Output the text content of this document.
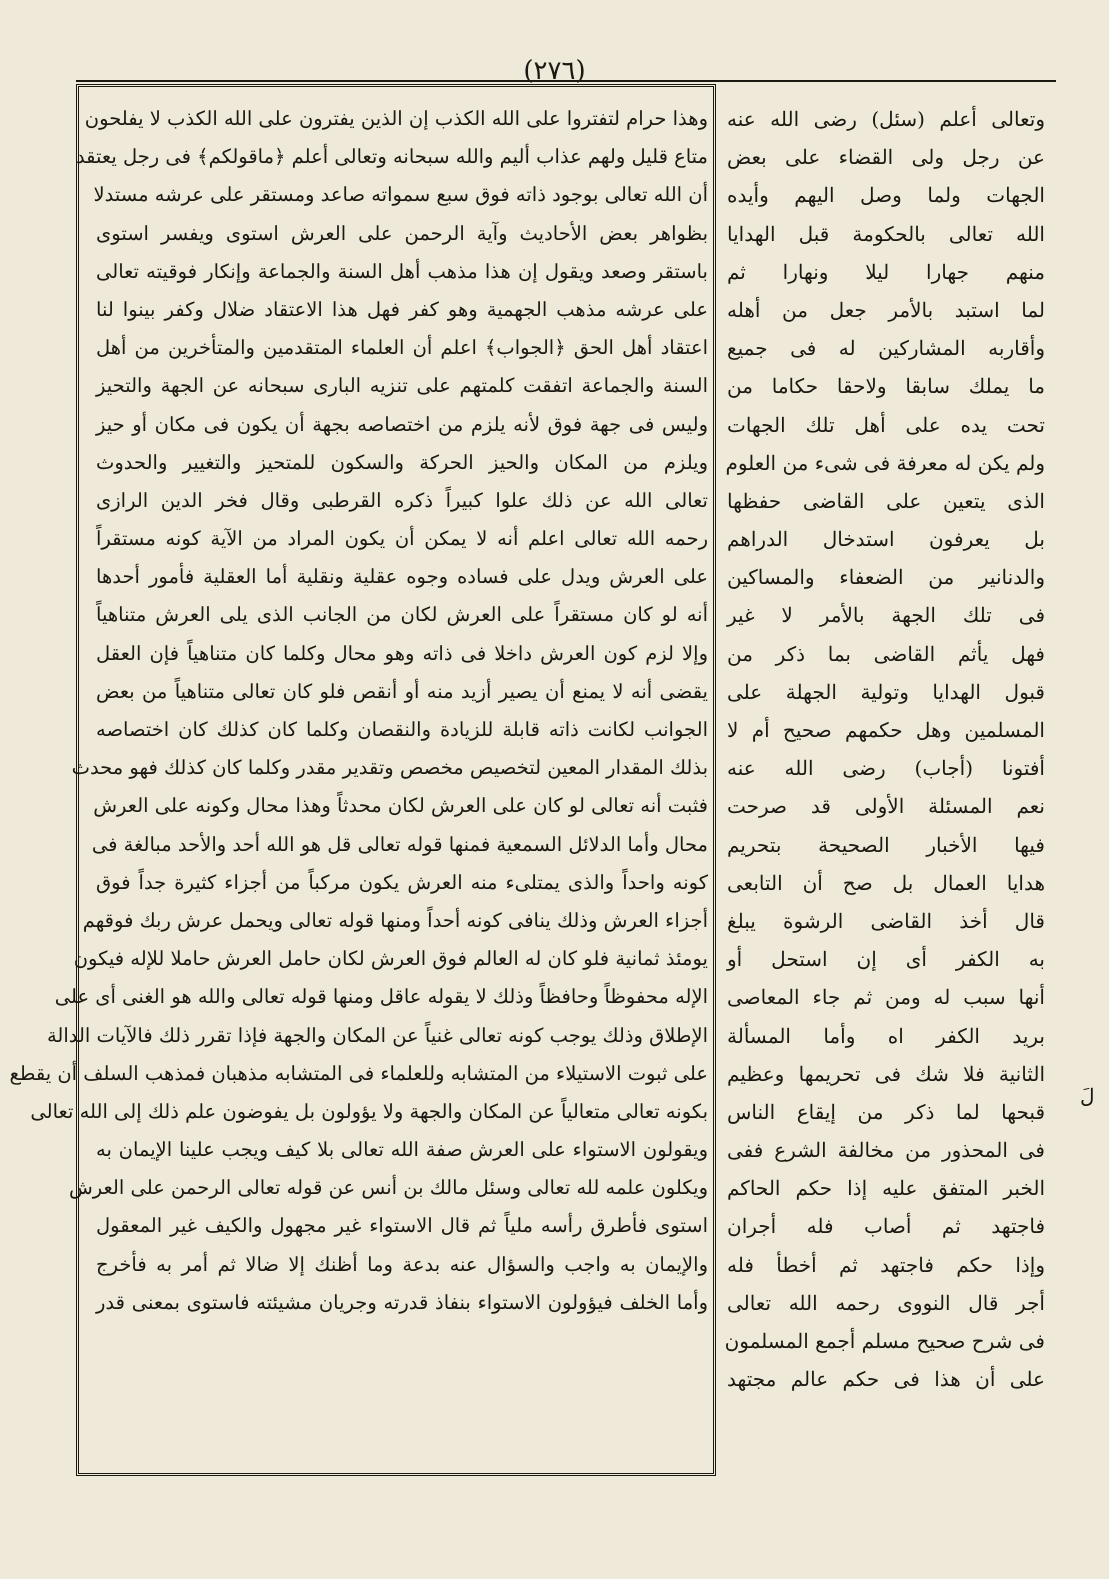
(٢٧٦)
وهذا حرام لتفتروا على الله الكذب إن الذين يفترون على الله الكذب لا يفلحون
متاع قليل ولهم عذاب أليم والله سبحانه وتعالى أعلم ﴿ماقولكم﴾ فى رجل يعتقد
أن الله تعالى بوجود ذاته فوق سبع سمواته صاعد ومستقر على عرشه مستدلا
بظواهر بعض الأحاديث وآية الرحمن على العرش استوى ويفسر استوى
باستقر وصعد ويقول إن هذا مذهب أهل السنة والجماعة وإنكار فوقيته تعالى
على عرشه مذهب الجهمية وهو كفر فهل هذا الاعتقاد ضلال وكفر بينوا لنا
اعتقاد أهل الحق ﴿الجواب﴾ اعلم أن العلماء المتقدمين والمتأخرين من أهل
السنة والجماعة اتفقت كلمتهم على تنزيه البارى سبحانه عن الجهة والتحيز
وليس فى جهة فوق لأنه يلزم من اختصاصه بجهة أن يكون فى مكان أو حيز
ويلزم من المكان والحيز الحركة والسكون للمتحيز والتغيير والحدوث
تعالى الله عن ذلك علوا كبيراً ذكره القرطبى وقال فخر الدين الرازى
رحمه الله تعالى اعلم أنه لا يمكن أن يكون المراد من الآية كونه مستقراً
على العرش ويدل على فساده وجوه عقلية ونقلية أما العقلية فأمور أحدها
أنه لو كان مستقراً على العرش لكان من الجانب الذى يلى العرش متناهياً
وإلا لزم كون العرش داخلا فى ذاته وهو محال وكلما كان متناهياً فإن العقل
يقضى أنه لا يمنع أن يصير أزيد منه أو أنقص فلو كان تعالى متناهياً من بعض
الجوانب لكانت ذاته قابلة للزيادة والنقصان وكلما كان كذلك كان اختصاصه
بذلك المقدار المعين لتخصيص مخصص وتقدير مقدر وكلما كان كذلك فهو محدث
فثبت أنه تعالى لو كان على العرش لكان محدثاً وهذا محال وكونه على العرش
محال وأما الدلائل السمعية فمنها قوله تعالى قل هو الله أحد والأحد مبالغة فى
كونه واحداً والذى يمتلىء منه العرش يكون مركباً من أجزاء كثيرة جداً فوق
أجزاء العرش وذلك ينافى كونه أحداً ومنها قوله تعالى ويحمل عرش ربك فوقهم
يومئذ ثمانية فلو كان له العالم فوق العرش لكان حامل العرش حاملا للإله فيكون
الإله محفوظاً وحافظاً وذلك لا يقوله عاقل ومنها قوله تعالى والله هو الغنى أى على
الإطلاق وذلك يوجب كونه تعالى غنياً عن المكان والجهة فإذا تقرر ذلك فالآيات الدالة
على ثبوت الاستيلاء من المتشابه وللعلماء فى المتشابه مذهبان فمذهب السلف أن يقطع
بكونه تعالى متعالياً عن المكان والجهة ولا يؤولون بل يفوضون علم ذلك إلى الله تعالى
ويقولون الاستواء على العرش صفة الله تعالى بلا كيف ويجب علينا الإيمان به
ويكلون علمه لله تعالى وسئل مالك بن أنس عن قوله تعالى الرحمن على العرش
استوى فأطرق رأسه ملياً ثم قال الاستواء غير مجهول والكيف غير المعقول
والإيمان به واجب والسؤال عنه بدعة وما أظنك إلا ضالا ثم أمر به فأخرج
وأما الخلف فيؤولون الاستواء بنفاذ قدرته وجريان مشيئته فاستوى بمعنى قدر
وتعالى أعلم (سئل) رضى الله عنه
عن رجل ولى القضاء على بعض
الجهات ولما وصل اليهم وأيده
الله تعالى بالحكومة قبل الهدايا
منهم جهارا ليلا ونهارا ثم
لما استبد بالأمر جعل من أهله
وأقاربه المشاركين له فى جميع
ما يملك سابقا ولاحقا حكاما من
تحت يده على أهل تلك الجهات
ولم يكن له معرفة فى شىء من العلوم
الذى يتعين على القاضى حفظها
بل يعرفون استدخال الدراهم
والدنانير من الضعفاء والمساكين
فى تلك الجهة بالأمر لا غير
فهل يأثم القاضى بما ذكر من
قبول الهدايا وتولية الجهلة على
المسلمين وهل حكمهم صحيح أم لا
أفتونا (أجاب) رضى الله عنه
نعم المسئلة الأولى قد صرحت
فيها الأخبار الصحيحة بتحريم
هدايا العمال بل صح أن التابعى
قال أخذ القاضى الرشوة يبلغ
به الكفر أى إن استحل أو
أنها سبب له ومن ثم جاء المعاصى
بريد الكفر اه وأما المسألة
الثانية فلا شك فى تحريمها وعظيم
قبحها لما ذكر من إيقاع الناس
فى المحذور من مخالفة الشرع ففى
الخبر المتفق عليه إذا حكم الحاكم
فاجتهد ثم أصاب فله أجران
وإذا حكم فاجتهد ثم أخطأ فله
أجر قال النووى رحمه الله تعالى
فى شرح صحيح مسلم أجمع المسلمون
على أن هذا فى حكم عالم مجتهد
لَ
